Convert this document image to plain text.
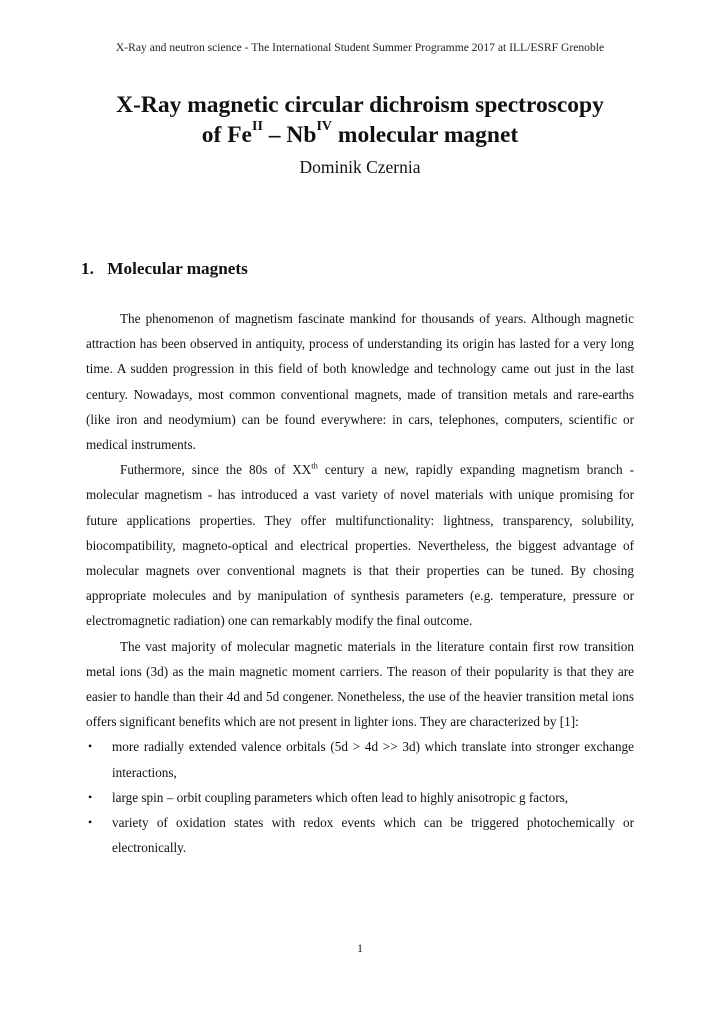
X-Ray and neutron science - The International Student Summer Programme 2017 at ILL/ESRF Grenoble
X-Ray magnetic circular dichroism spectroscopy
of $Fe^{II} - Nb^{IV}$ molecular magnet
Dominik Czernia
1. Molecular magnets

The phenomenon of magnetism fascinate mankind for thousands of years. Although magnetic attraction has been observed in antiquity, process of understanding its origin has lasted for a very long time. A sudden progression in this field of both knowledge and technology came out just in the last century. Nowadays, most common conventional magnets, made of transition metals and rare-earths (like iron and neodymium) can be found everywhere: in cars, telephones, computers, scientific or medical instruments.

Futhermore, since the 80s of XXth century a new, rapidly expanding magnetism branch - molecular magnetism - has introduced a vast variety of novel materials with unique promising for future applications properties. They offer multifunctionality: lightness, transparency, solubility, biocompatibility, magneto-optical and electrical properties. Nevertheless, the biggest advantage of molecular magnets over conventional magnets is that their properties can be tuned. By chosing appropriate molecules and by manipulation of synthesis parameters (e.g. temperature, pressure or electromagnetic radiation) one can remarkably modify the final outcome.

The vast majority of molecular magnetic materials in the literature contain first row transition metal ions (3d) as the main magnetic moment carriers. The reason of their popularity is that they are easier to handle than their 4d and 5d congener. Nonetheless, the use of the heavier transition metal ions offers significant benefits which are not present in lighter ions. They are characterized by [1]:

• more radially extended valence orbitals (5d > 4d >> 3d) which translate into stronger exchange interactions,
• large spin – orbit coupling parameters which often lead to highly anisotropic g factors,
• variety of oxidation states with redox events which can be triggered photochemically or electronically.
1
